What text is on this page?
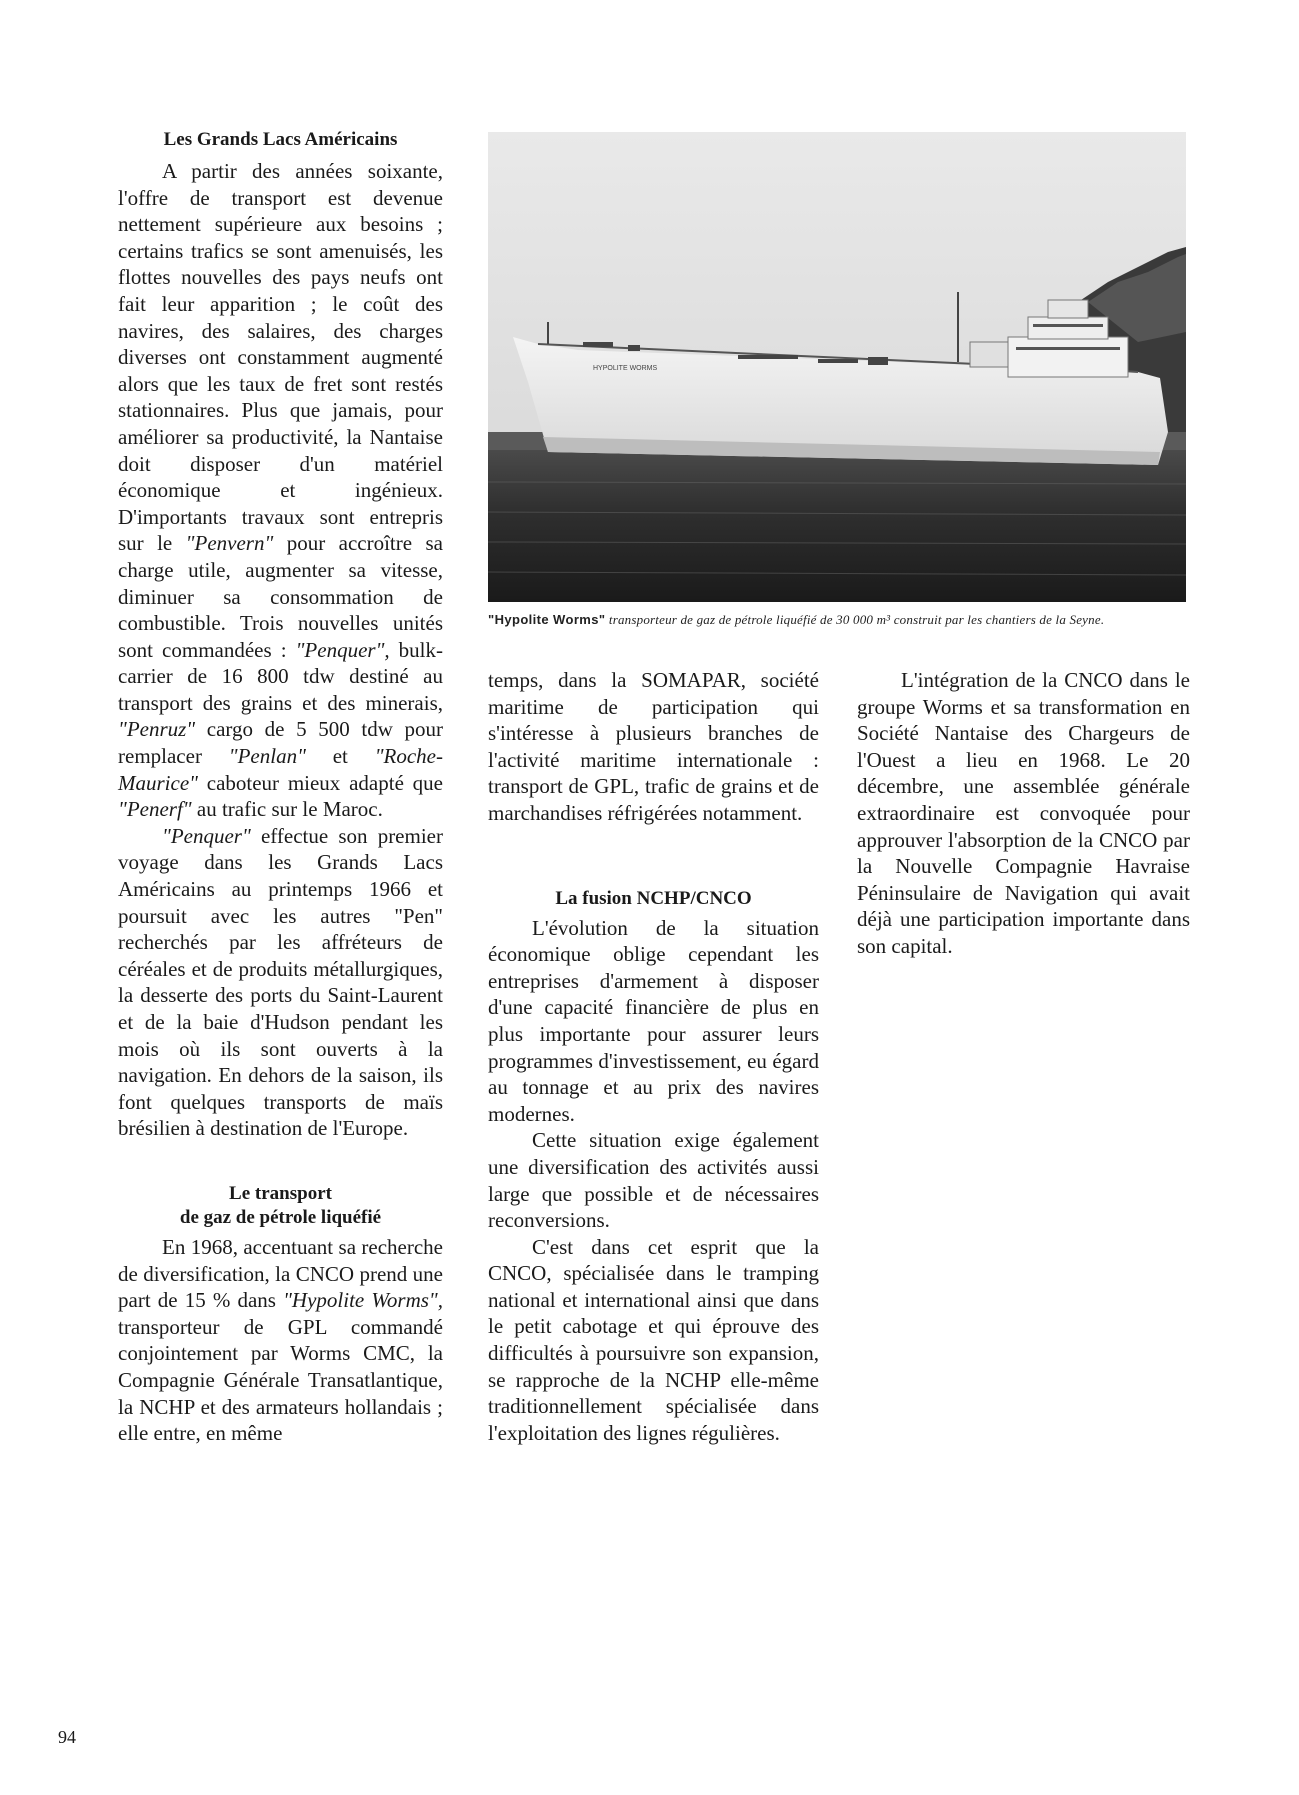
HYPOLITE WORMS
"Hypolite Worms" transporteur de gaz de pétrole liquéfié de 30 000 m³ construit par les chantiers de la Seyne.
Les Grands Lacs Américains

A partir des années soixante, l'offre de transport est devenue nettement supérieure aux besoins ; certains trafics se sont amenuisés, les flottes nouvelles des pays neufs ont fait leur apparition ; le coût des navires, des salaires, des charges diverses ont constamment augmenté alors que les taux de fret sont restés stationnaires. Plus que jamais, pour améliorer sa productivité, la Nantaise doit disposer d'un matériel économique et ingénieux. D'importants travaux sont entrepris sur le "Penvern" pour accroître sa charge utile, augmenter sa vitesse, diminuer sa consommation de combustible. Trois nouvelles unités sont commandées : "Penquer", bulk-carrier de 16 800 tdw destiné au transport des grains et des minerais, "Penruz" cargo de 5 500 tdw pour remplacer "Penlan" et "Roche-Maurice" caboteur mieux adapté que "Penerf" au trafic sur le Maroc.

"Penquer" effectue son premier voyage dans les Grands Lacs Américains au printemps 1966 et poursuit avec les autres "Pen" recherchés par les affréteurs de céréales et de produits métallurgiques, la desserte des ports du Saint-Laurent et de la baie d'Hudson pendant les mois où ils sont ouverts à la navigation. En dehors de la saison, ils font quelques transports de maïs brésilien à destination de l'Europe.

Le transport
de gaz de pétrole liquéfié

En 1968, accentuant sa recherche de diversification, la CNCO prend une part de 15 % dans "Hypolite Worms", transporteur de GPL commandé conjointement par Worms CMC, la Compagnie Générale Transatlantique, la NCHP et des armateurs hollandais ; elle entre, en même

temps, dans la SOMAPAR, société maritime de participation qui s'intéresse à plusieurs branches de l'activité maritime internationale : transport de GPL, trafic de grains et de marchandises réfrigérées notamment.

La fusion NCHP/CNCO

L'évolution de la situation économique oblige cependant les entreprises d'armement à disposer d'une capacité financière de plus en plus importante pour assurer leurs programmes d'investissement, eu égard au tonnage et au prix des navires modernes.

Cette situation exige également une diversification des activités aussi large que possible et de nécessaires reconversions.

C'est dans cet esprit que la CNCO, spécialisée dans le tramping national et international ainsi que dans le petit cabotage et qui éprouve des difficultés à poursuivre son expansion, se rapproche de la NCHP elle-même traditionnellement spécialisée dans l'exploitation des lignes régulières.

L'intégration de la CNCO dans le groupe Worms et sa transformation en Société Nantaise des Chargeurs de l'Ouest a lieu en 1968. Le 20 décembre, une assemblée générale extraordinaire est convoquée pour approuver l'absorption de la CNCO par la Nouvelle Compagnie Havraise Péninsulaire de Navigation qui avait déjà une participation importante dans son capital.

94
